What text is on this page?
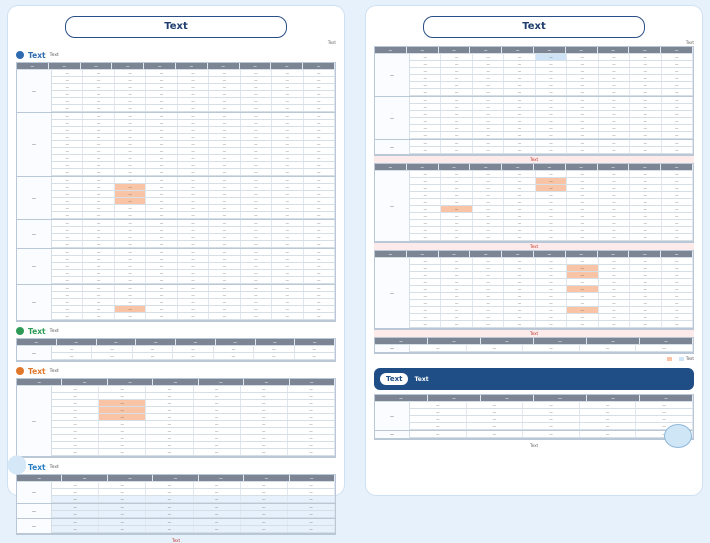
Text
Text
Text Text
—	—	—	—	—	—	—	—	—	—
—
—	—	—	—	—	—	—	—	—
—	—	—	—	—	—	—	—	—
—	—	—	—	—	—	—	—	—
—	—	—	—	—	—	—	—	—
—	—	—	—	—	—	—	—	—
—	—	—	—	—	—	—	—	—
—
—	—	—	—	—	—	—	—	—
—	—	—	—	—	—	—	—	—
—	—	—	—	—	—	—	—	—
—	—	—	—	—	—	—	—	—
—	—	—	—	—	—	—	—	—
—	—	—	—	—	—	—	—	—
—	—	—	—	—	—	—	—	—
—	—	—	—	—	—	—	—	—
—	—	—	—	—	—	—	—	—
—
—	—	—	—	—	—	—	—	—
—	—	—	—	—	—	—	—	—
—	—	—	—	—	—	—	—	—
—	—	—	—	—	—	—	—	—
—	—	—	—	—	—	—	—	—
—	—	—	—	—	—	—	—	—
—
—	—	—	—	—	—	—	—	—
—	—	—	—	—	—	—	—	—
—	—	—	—	—	—	—	—	—
—	—	—	—	—	—	—	—	—
—
—	—	—	—	—	—	—	—	—
—	—	—	—	—	—	—	—	—
—	—	—	—	—	—	—	—	—
—	—	—	—	—	—	—	—	—
—	—	—	—	—	—	—	—	—
—
—	—	—	—	—	—	—	—	—
—	—	—	—	—	—	—	—	—
—	—	—	—	—	—	—	—	—
—	—	—	—	—	—	—	—	—
—	—	—	—	—	—	—	—	—
Text Text
—	—	—	—	—	—	—	—
—
—	—	—	—	—	—	—
—	—	—	—	—	—	—
Text Text
—	—	—	—	—	—	—
—
—	—	—	—	—	—
—	—	—	—	—	—
—	—	—	—	—	—
—	—	—	—	—	—
—	—	—	—	—	—
—	—	—	—	—	—
—	—	—	—	—	—
—	—	—	—	—	—
—	—	—	—	—	—
—	—	—	—	—	—
Text Text
—	—	—	—	—	—	—
—
—	—	—	—	—	—
—	—	—	—	—	—
—	—	—	—	—	—
—
—	—	—	—	—	—
—	—	—	—	—	—
—
—	—	—	—	—	—
—	—	—	—	—	—
Text
Text
Text
—	—	—	—	—	—	—	—	—	—
—
—	—	—	—	—	—	—	—	—
—	—	—	—	—	—	—	—	—
—	—	—	—	—	—	—	—	—
—	—	—	—	—	—	—	—	—
—	—	—	—	—	—	—	—	—
—	—	—	—	—	—	—	—	—
—
—	—	—	—	—	—	—	—	—
—	—	—	—	—	—	—	—	—
—	—	—	—	—	—	—	—	—
—	—	—	—	—	—	—	—	—
—	—	—	—	—	—	—	—	—
—	—	—	—	—	—	—	—	—
—
—	—	—	—	—	—	—	—	—
—	—	—	—	—	—	—	—	—
Text
—	—	—	—	—	—	—	—	—	—
—
—	—	—	—	—	—	—	—	—
—	—	—	—	—	—	—	—	—
—	—	—	—	—	—	—	—	—
—	—	—	—	—	—	—	—	—
—	—	—	—	—	—	—	—	—
—	—	—	—	—	—	—	—	—
—	—	—	—	—	—	—	—	—
—	—	—	—	—	—	—	—	—
—	—	—	—	—	—	—	—	—
—	—	—	—	—	—	—	—	—
Text
—	—	—	—	—	—	—	—	—	—
—
—	—	—	—	—	—	—	—	—
—	—	—	—	—	—	—	—	—
—	—	—	—	—	—	—	—	—
—	—	—	—	—	—	—	—	—
—	—	—	—	—	—	—	—	—
—	—	—	—	—	—	—	—	—
—	—	—	—	—	—	—	—	—
—	—	—	—	—	—	—	—	—
—	—	—	—	—	—	—	—	—
—	—	—	—	—	—	—	—	—
Text
—	—	—	—	—	—
—	—	—	—	—	—
Text
Text	Text
—	—	—	—	—	—
—
—	—	—	—	—
—	—	—	—	—
—	—	—	—	—
—	—	—	—	—
—	—	—	—	—
Text
